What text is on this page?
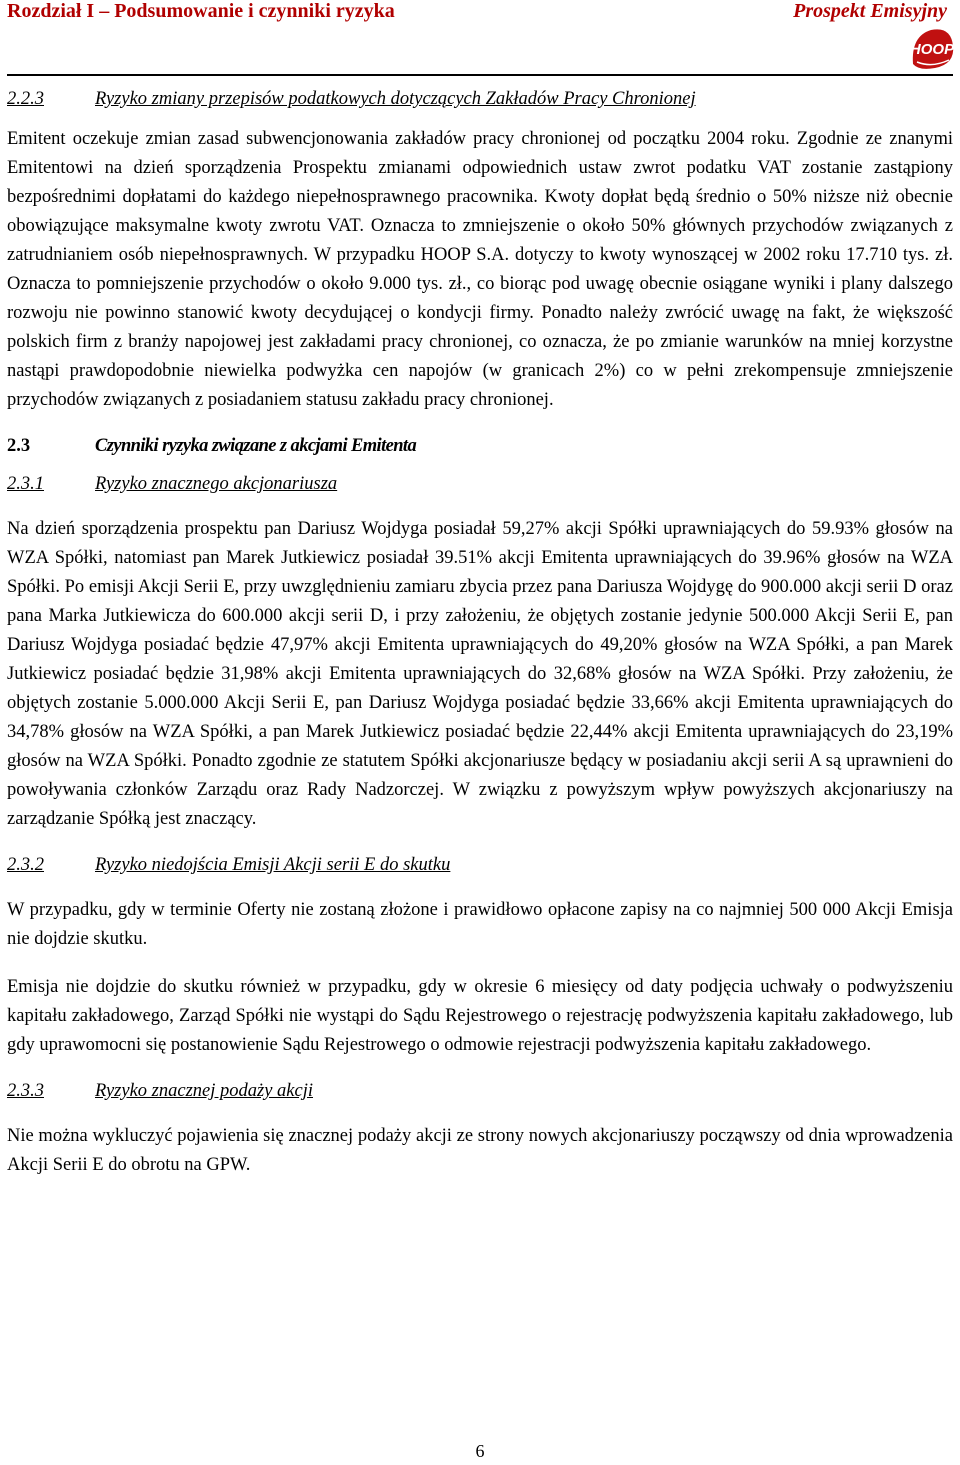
Rozdział I – Podsumowanie i czynniki ryzyka	Prospekt Emisyjny
HOOP
2.2.3	Ryzyko zmiany przepisów podatkowych dotyczących Zakładów Pracy Chronionej

Emitent oczekuje zmian zasad subwencjonowania zakładów pracy chronionej od początku 2004 roku. Zgodnie ze znanymi Emitentowi na dzień sporządzenia Prospektu zmianami odpowiednich ustaw zwrot podatku VAT zostanie zastąpiony bezpośrednimi dopłatami do każdego niepełnosprawnego pracownika. Kwoty dopłat będą średnio o 50% niższe niż obecnie obowiązujące maksymalne kwoty zwrotu VAT. Oznacza to zmniejszenie o około 50% głównych przychodów związanych z zatrudnianiem osób niepełnosprawnych. W przypadku HOOP S.A. dotyczy to kwoty wynoszącej w 2002 roku 17.710 tys. zł. Oznacza to pomniejszenie przychodów o około 9.000 tys. zł., co biorąc pod uwagę obecnie osiągane wyniki i plany dalszego rozwoju nie powinno stanowić kwoty decydującej o kondycji firmy. Ponadto należy zwrócić uwagę na fakt, że większość polskich firm z branży napojowej jest zakładami pracy chronionej, co oznacza, że po zmianie warunków na mniej korzystne nastąpi prawdopodobnie niewielka podwyżka cen napojów (w granicach 2%) co w pełni zrekompensuje zmniejszenie przychodów związanych z posiadaniem statusu zakładu pracy chronionej.

2.3	Czynniki ryzyka związane z akcjami Emitenta
2.3.1	Ryzyko znacznego akcjonariusza

Na dzień sporządzenia prospektu pan Dariusz Wojdyga posiadał 59,27% akcji Spółki uprawniających do 59.93% głosów na WZA Spółki, natomiast pan Marek Jutkiewicz posiadał 39.51% akcji Emitenta uprawniających do 39.96% głosów na WZA Spółki. Po emisji Akcji Serii E, przy uwzględnieniu zamiaru zbycia przez pana Dariusza Wojdygę do 900.000 akcji serii D oraz pana Marka Jutkiewicza do 600.000 akcji serii D, i przy założeniu, że objętych zostanie jedynie 500.000 Akcji Serii E, pan Dariusz Wojdyga posiadać będzie 47,97% akcji Emitenta uprawniających do 49,20% głosów na WZA Spółki, a pan Marek Jutkiewicz posiadać będzie 31,98% akcji Emitenta uprawniających do 32,68% głosów na WZA Spółki. Przy założeniu, że objętych zostanie 5.000.000 Akcji Serii E, pan Dariusz Wojdyga posiadać będzie 33,66% akcji Emitenta uprawniających do 34,78% głosów na WZA Spółki, a pan Marek Jutkiewicz posiadać będzie 22,44% akcji Emitenta uprawniających do 23,19% głosów na WZA Spółki. Ponadto zgodnie ze statutem Spółki akcjonariusze będący w posiadaniu akcji serii A są uprawnieni do powoływania członków Zarządu oraz Rady Nadzorczej. W związku z powyższym wpływ powyższych akcjonariuszy na zarządzanie Spółką jest znaczący.

2.3.2	Ryzyko niedojścia Emisji Akcji serii E do skutku

W przypadku, gdy w terminie Oferty nie zostaną złożone i prawidłowo opłacone zapisy na co najmniej 500 000 Akcji Emisja nie dojdzie skutku.

Emisja nie dojdzie do skutku również w przypadku, gdy w okresie 6 miesięcy od daty podjęcia uchwały o podwyższeniu kapitału zakładowego, Zarząd Spółki nie wystąpi do Sądu Rejestrowego o rejestrację podwyższenia kapitału zakładowego, lub gdy uprawomocni się postanowienie Sądu Rejestrowego o odmowie rejestracji podwyższenia kapitału zakładowego.

2.3.3	Ryzyko znacznej podaży akcji

Nie można wykluczyć pojawienia się znacznej podaży akcji ze strony nowych akcjonariuszy począwszy od dnia wprowadzenia Akcji Serii E do obrotu na GPW.

6
